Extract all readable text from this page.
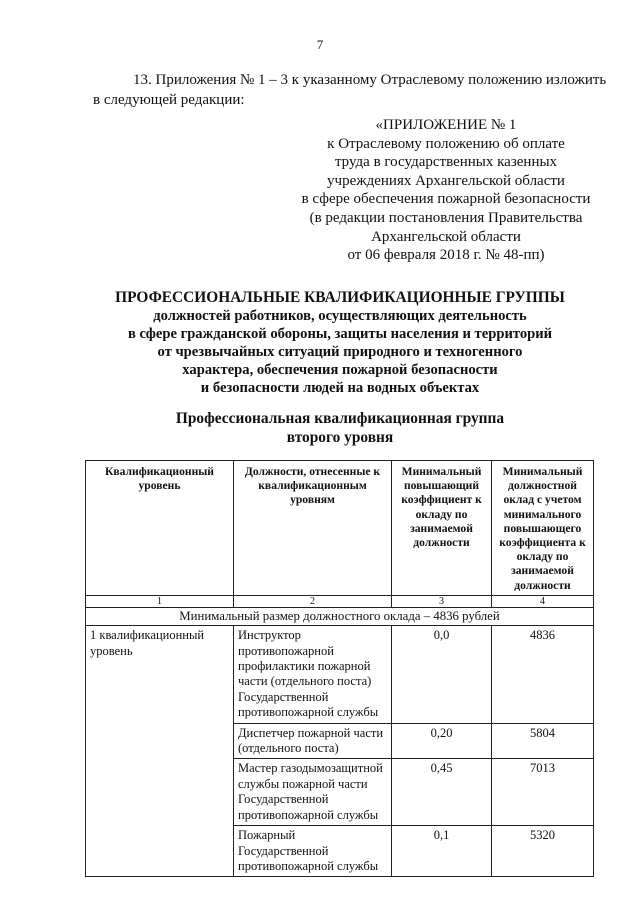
7
13. Приложения № 1 – 3 к указанному Отраслевому положению изложить
в следующей редакции:
«ПРИЛОЖЕНИЕ № 1
к Отраслевому положению об оплате
труда в государственных казенных
учреждениях Архангельской области
в сфере обеспечения пожарной безопасности
(в редакции постановления Правительства
Архангельской области
от 06 февраля 2018 г. № 48-пп)
ПРОФЕССИОНАЛЬНЫЕ КВАЛИФИКАЦИОННЫЕ ГРУППЫ
должностей работников, осуществляющих деятельность
в сфере гражданской обороны, защиты населения и территорий
от чрезвычайных ситуаций природного и техногенного
характера, обеспечения пожарной безопасности
и безопасности людей на водных объектах
Профессиональная квалификационная группа
второго уровня
Квалификационный уровень	Должности, отнесенные к квалификационным уровням	Минимальный повышающий коэффициент к окладу по занимаемой должности	Минимальный должностной оклад с учетом минимального повышающего коэффициента к окладу по занимаемой должности
1	2	3	4
Минимальный размер должностного оклада – 4836 рублей			
1 квалификационный уровень	Инструктор противопожарной профилактики пожарной части (отдельного поста) Государственной противопожарной службы	0,0	4836
	Диспетчер пожарной части (отдельного поста)	0,20	5804
	Мастер газодымозащитной службы пожарной части Государственной противопожарной службы	0,45	7013
	Пожарный Государственной противопожарной службы	0,1	5320
